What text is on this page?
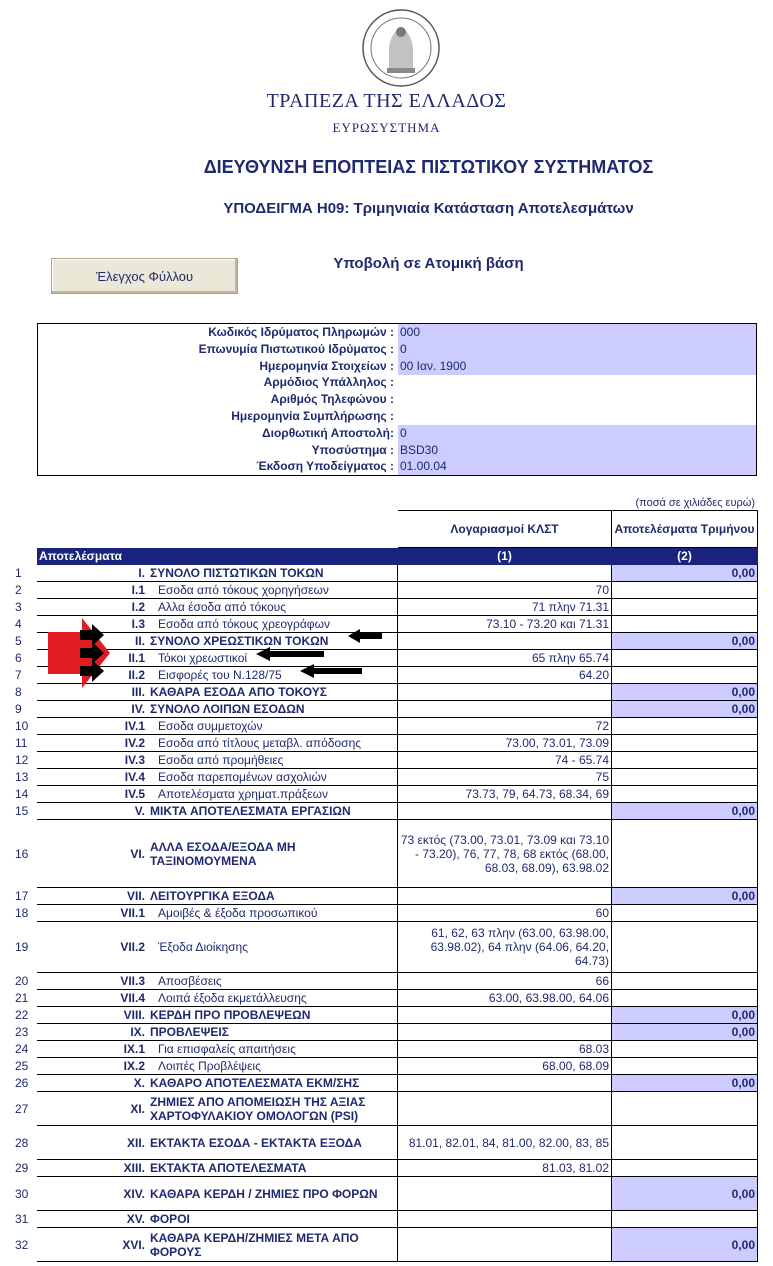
ΤΡΑΠΕΖΑ ΤΗΣ ΕΛΛΑΔΟΣ
ΕΥΡΩΣΥΣΤΗΜΑ
ΔΙΕΥΘΥΝΣΗ ΕΠΟΠΤΕΙΑΣ ΠΙΣΤΩΤΙΚΟΥ ΣΥΣΤΗΜΑΤΟΣ
ΥΠΟΔΕΙΓΜΑ Η09: Τριμηνιαία Κατάσταση Αποτελεσμάτων
Υποβολή σε Ατομική βάση
Έλεγχος Φύλλου
Κωδικός Ιδρύματος Πληρωμών : 000
Επωνυμία Πιστωτικού Ιδρύματος : 0
Ημερομηνία Στοιχείων : 00 Ιαν. 1900
Αρμόδιος Υπάλληλος :
Αριθμός Τηλεφώνου :
Ημερομηνία Συμπλήρωσης :
Διορθωτική Αποστολή: 0
Υποσύστημα : BSD30
Έκδοση Υποδείγματος : 01.00.04
(ποσά σε χιλιάδες ευρώ)
			Λογαριασμοί ΚΛΣΤ	Αποτελέσματα Τριμήνου
	Αποτελέσματα		(1)	(2)
1	I.	ΣΥΝΟΛΟ ΠΙΣΤΩΤΙΚΩΝ ΤΟΚΩΝ		0,00
2	I.1	Εσοδα από τόκους χορηγήσεων	70	
3	I.2	Αλλα έσοδα από τόκους	71 πλην 71.31	
4	I.3	Εσοδα από τόκους χρεογράφων	73.10 - 73.20 και 71.31	
5	II.	ΣΥΝΟΛΟ ΧΡΕΩΣΤΙΚΩΝ ΤΟΚΩΝ		0,00
6	II.1	Τόκοι χρεωστικοί	65 πλην 65.74	
7	II.2	Εισφορές του Ν.128/75	64.20	
8	III.	ΚΑΘΑΡΑ ΕΣΟΔΑ ΑΠΟ ΤΟΚΟΥΣ		0,00
9	IV.	ΣΥΝΟΛΟ ΛΟΙΠΩΝ ΕΣΟΔΩΝ		0,00
10	IV.1	Εσοδα συμμετοχών	72	
11	IV.2	Εσοδα από τίτλους μεταβλ. απόδοσης	73.00, 73.01, 73.09	
12	IV.3	Εσοδα από προμήθειες	74 - 65.74	
13	IV.4	Εσοδα παρεπομένων ασχολιών	75	
14	IV.5	Αποτελέσματα χρηματ.πράξεων	73.73, 79, 64.73, 68.34, 69	
15	V.	ΜΙΚΤΑ ΑΠΟΤΕΛΕΣΜΑΤΑ ΕΡΓΑΣΙΩΝ		0,00
16	VI.	ΑΛΛΑ ΕΣΟΔΑ/ΕΞΟΔΑ ΜΗ ΤΑΞΙΝΟΜΟΥΜΕΝΑ	73 εκτός (73.00, 73.01, 73.09 και 73.10 - 73.20), 76, 77, 78, 68 εκτός (68.00, 68.03, 68.09), 63.98.02	
17	VII.	ΛΕΙΤΟΥΡΓΙΚΑ ΕΞΟΔΑ		0,00
18	VII.1	Αμοιβές & έξοδα προσωπικού	60	
19	VII.2	Έξοδα Διοίκησης	61, 62, 63 πλην (63.00, 63.98.00, 63.98.02), 64 πλην (64.06, 64.20, 64.73)	
20	VII.3	Αποσβέσεις	66	
21	VII.4	Λοιπά έξοδα εκμετάλλευσης	63.00, 63.98.00, 64.06	
22	VIII.	ΚΕΡΔΗ ΠΡΟ ΠΡΟΒΛΕΨΕΩΝ		0,00
23	IX.	ΠΡΟΒΛΕΨΕΙΣ		0,00
24	IX.1	Για επισφαλείς απαιτήσεις	68.03	
25	IX.2	Λοιπές Προβλέψεις	68.00, 68.09	
26	X.	ΚΑΘΑΡΟ ΑΠΟΤΕΛΕΣΜΑΤΑ ΕΚΜ/ΣΗΣ		0,00
27	XI.	ΖΗΜΙΕΣ ΑΠΟ ΑΠΟΜΕΙΩΣΗ ΤΗΣ ΑΞΙΑΣ ΧΑΡΤΟΦΥΛΑΚΙΟΥ ΟΜΟΛΟΓΩΝ (PSI)		
28	XII.	ΕΚΤΑΚΤΑ ΕΣΟΔΑ - ΕΚΤΑΚΤΑ ΕΞΟΔΑ	81.01, 82.01, 84, 81.00, 82.00, 83, 85	
29	XIII.	ΕΚΤΑΚΤΑ ΑΠΟΤΕΛΕΣΜΑΤΑ	81.03, 81.02	
30	XIV.	ΚΑΘΑΡΑ ΚΕΡΔΗ / ΖΗΜΙΕΣ ΠΡΟ ΦΟΡΩΝ		0,00
31	XV.	ΦΟΡΟΙ		
32	XVI.	ΚΑΘΑΡΑ ΚΕΡΔΗ/ΖΗΜΙΕΣ ΜΕΤΑ ΑΠΟ ΦΟΡΟΥΣ		0,00
